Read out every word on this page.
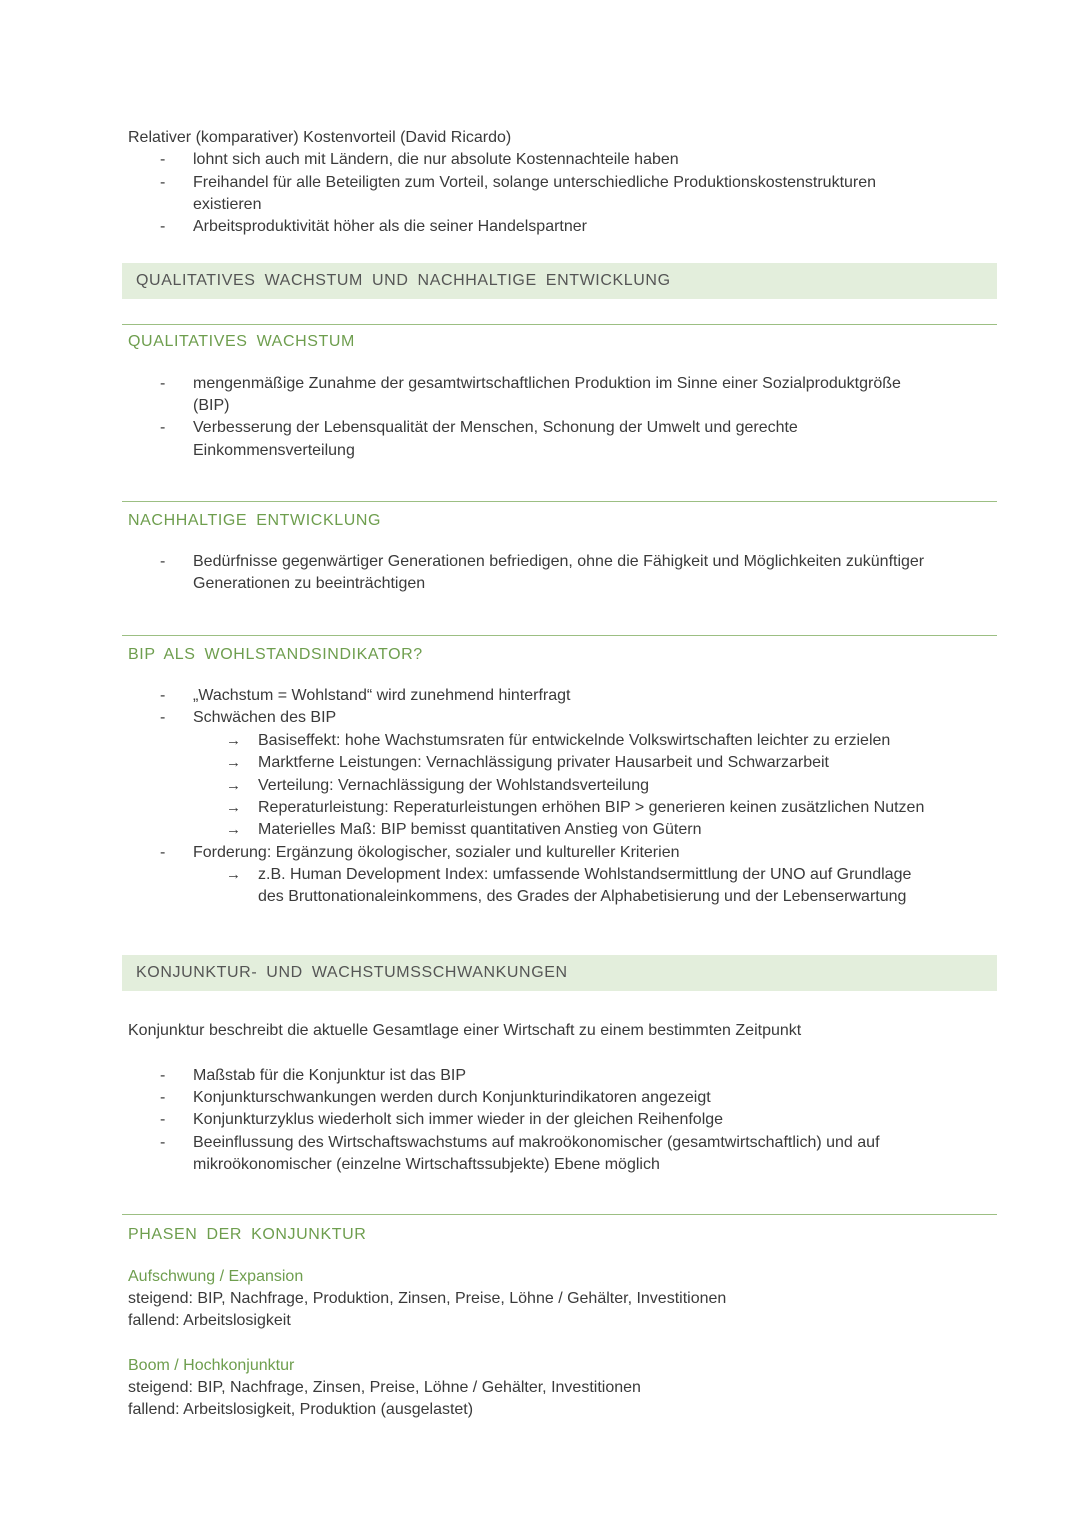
Relativer (komparativer) Kostenvorteil (David Ricardo)
- lohnt sich auch mit Ländern, die nur absolute Kostennachteile haben
- Freihandel für alle Beteiligten zum Vorteil, solange unterschiedliche Produktionskostenstrukturen
existieren
- Arbeitsproduktivität höher als die seiner Handelspartner
QUALITATIVES WACHSTUM UND NACHHALTIGE ENTWICKLUNG
QUALITATIVES WACHSTUM
- mengenmäßige Zunahme der gesamtwirtschaftlichen Produktion im Sinne einer Sozialproduktgröße
(BIP)
- Verbesserung der Lebensqualität der Menschen, Schonung der Umwelt und gerechte
Einkommensverteilung
NACHHALTIGE ENTWICKLUNG
- Bedürfnisse gegenwärtiger Generationen befriedigen, ohne die Fähigkeit und Möglichkeiten zukünftiger
Generationen zu beeinträchtigen
BIP ALS WOHLSTANDSINDIKATOR?
- „Wachstum = Wohlstand“ wird zunehmend hinterfragt
- Schwächen des BIP
→ Basiseffekt: hohe Wachstumsraten für entwickelnde Volkswirtschaften leichter zu erzielen
→ Marktferne Leistungen: Vernachlässigung privater Hausarbeit und Schwarzarbeit
→ Verteilung: Vernachlässigung der Wohlstandsverteilung
→ Reperaturleistung: Reperaturleistungen erhöhen BIP > generieren keinen zusätzlichen Nutzen
→ Materielles Maß: BIP bemisst quantitativen Anstieg von Gütern
- Forderung: Ergänzung ökologischer, sozialer und kultureller Kriterien
→ z.B. Human Development Index: umfassende Wohlstandsermittlung der UNO auf Grundlage
des Bruttonationaleinkommens, des Grades der Alphabetisierung und der Lebenserwartung
KONJUNKTUR- UND WACHSTUMSSCHWANKUNGEN
Konjunktur beschreibt die aktuelle Gesamtlage einer Wirtschaft zu einem bestimmten Zeitpunkt
- Maßstab für die Konjunktur ist das BIP
- Konjunkturschwankungen werden durch Konjunkturindikatoren angezeigt
- Konjunkturzyklus wiederholt sich immer wieder in der gleichen Reihenfolge
- Beeinflussung des Wirtschaftswachstums auf makroökonomischer (gesamtwirtschaftlich) und auf
mikroökonomischer (einzelne Wirtschaftssubjekte) Ebene möglich
PHASEN DER KONJUNKTUR
Aufschwung / Expansion
steigend: BIP, Nachfrage, Produktion, Zinsen, Preise, Löhne / Gehälter, Investitionen
fallend: Arbeitslosigkeit
Boom / Hochkonjunktur
steigend: BIP, Nachfrage, Zinsen, Preise, Löhne / Gehälter, Investitionen
fallend: Arbeitslosigkeit, Produktion (ausgelastet)
